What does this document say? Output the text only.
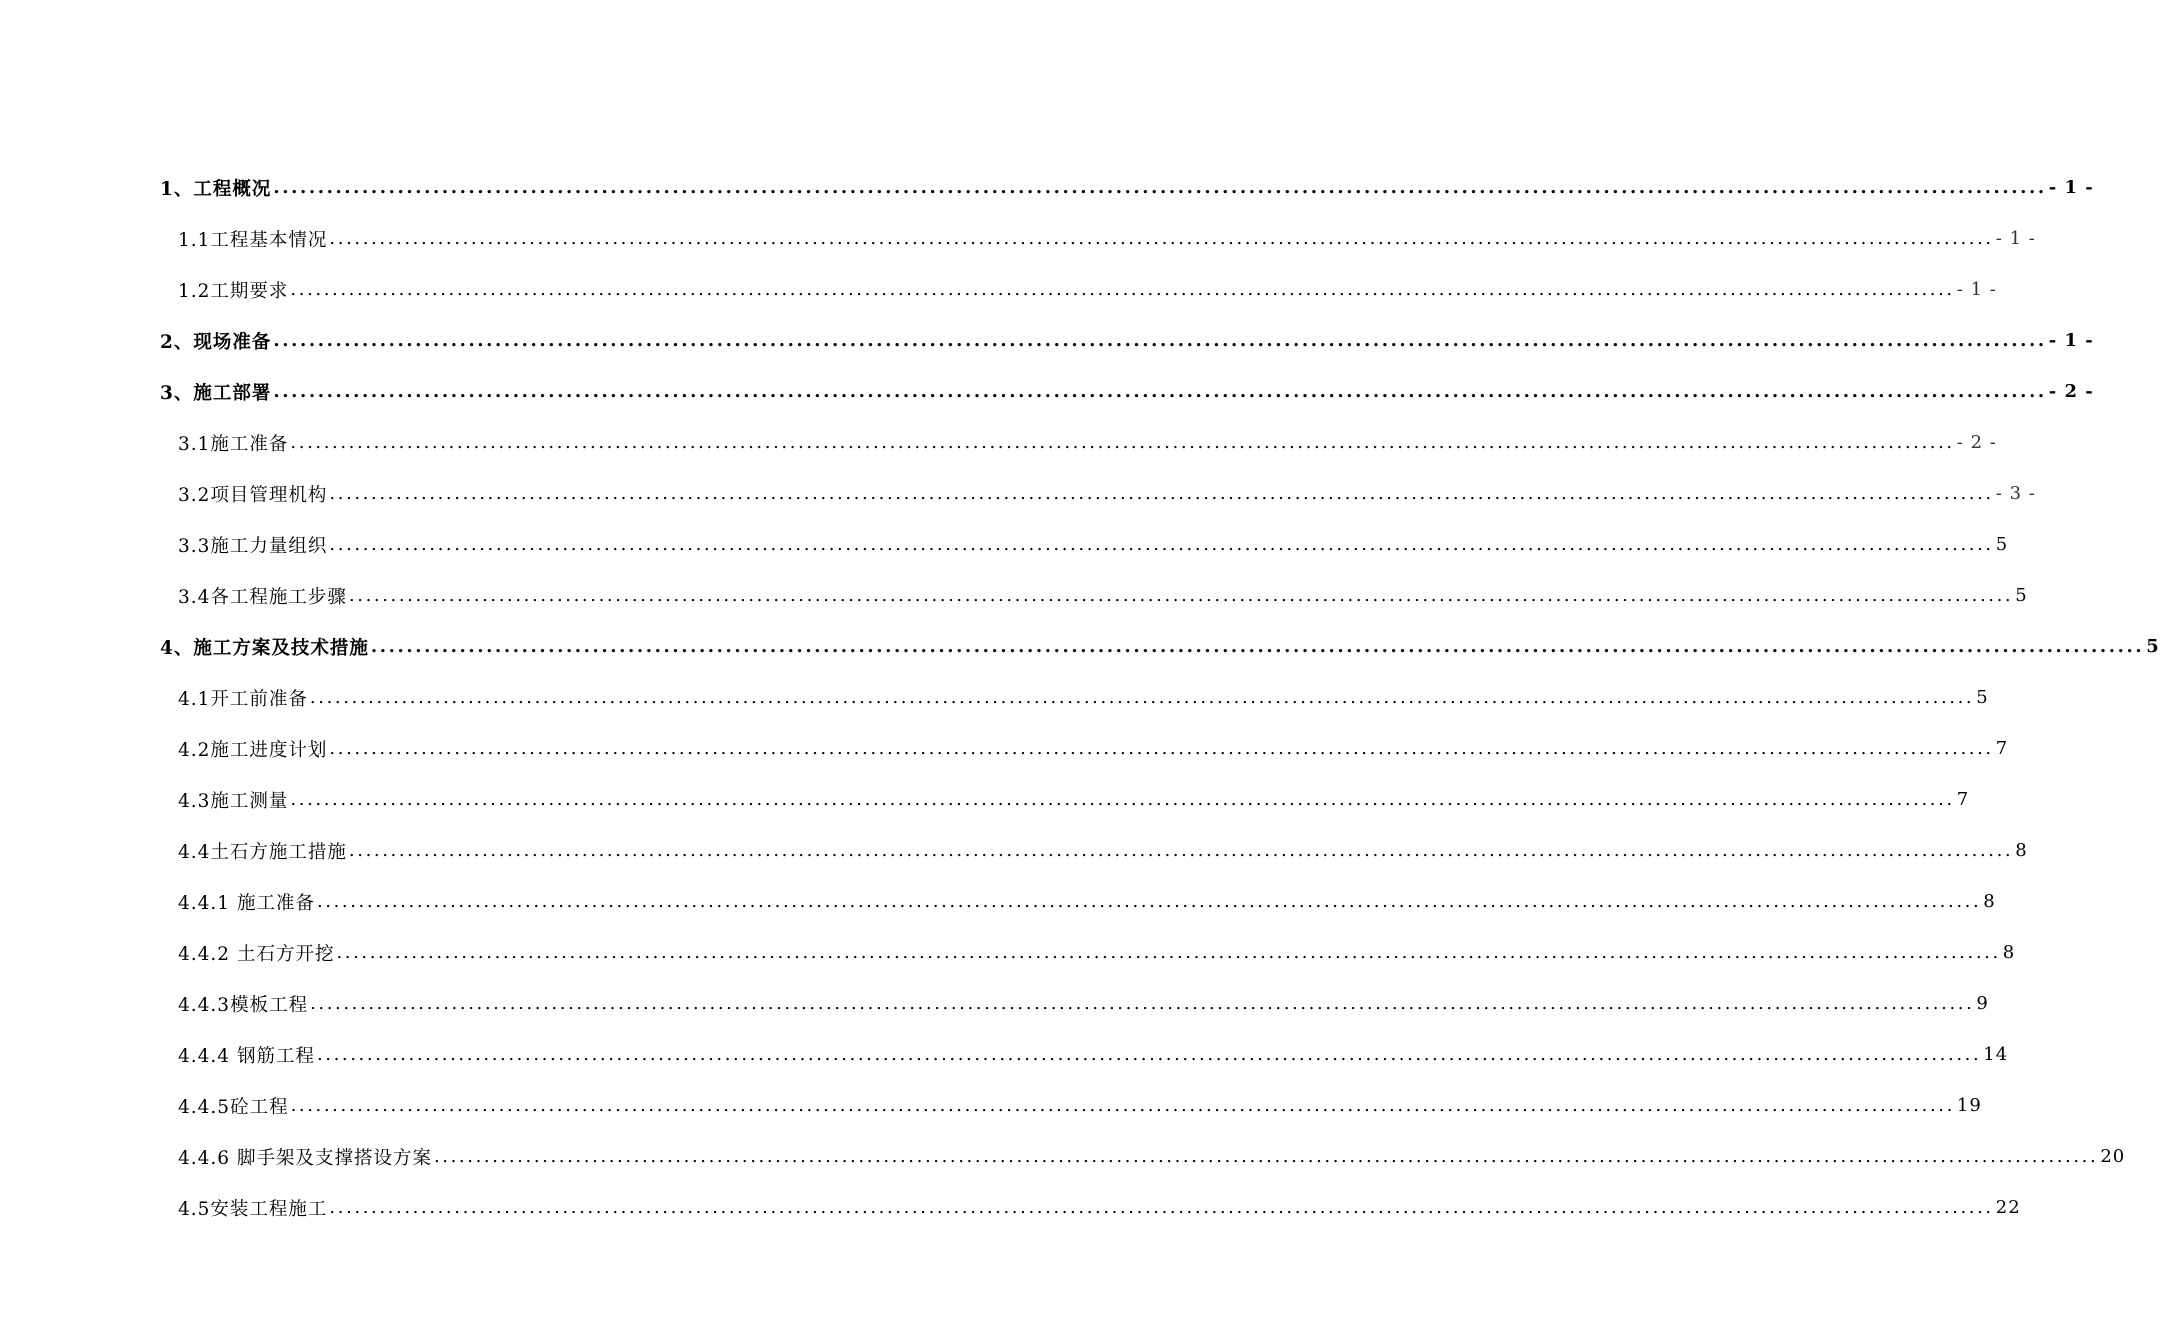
1、工程概况 ........................................................................................................................................................................................................ - 1 -
1.1工程基本情况 ........................................................................................................................................................................................................ - 1 -
1.2工期要求 ........................................................................................................................................................................................................ - 1 -
2、现场准备 ........................................................................................................................................................................................................ - 1 -
3、施工部署 ........................................................................................................................................................................................................ - 2 -
3.1施工准备 ........................................................................................................................................................................................................ - 2 -
3.2项目管理机构 ........................................................................................................................................................................................................ - 3 -
3.3施工力量组织 ........................................................................................................................................................................................................ 5
3.4各工程施工步骤 ........................................................................................................................................................................................................ 5
4、施工方案及技术措施 ........................................................................................................................................................................................................ 5
4.1开工前准备 ........................................................................................................................................................................................................ 5
4.2施工进度计划 ........................................................................................................................................................................................................ 7
4.3施工测量 ........................................................................................................................................................................................................ 7
4.4土石方施工措施 ........................................................................................................................................................................................................ 8
4.4.1 施工准备 ........................................................................................................................................................................................................ 8
4.4.2 土石方开挖 ........................................................................................................................................................................................................ 8
4.4.3模板工程 ........................................................................................................................................................................................................ 9
4.4.4 钢筋工程 ........................................................................................................................................................................................................ 14
4.4.5砼工程 ........................................................................................................................................................................................................ 19
4.4.6 脚手架及支撑搭设方案 ........................................................................................................................................................................................................ 20
4.5安装工程施工 ........................................................................................................................................................................................................ 22
